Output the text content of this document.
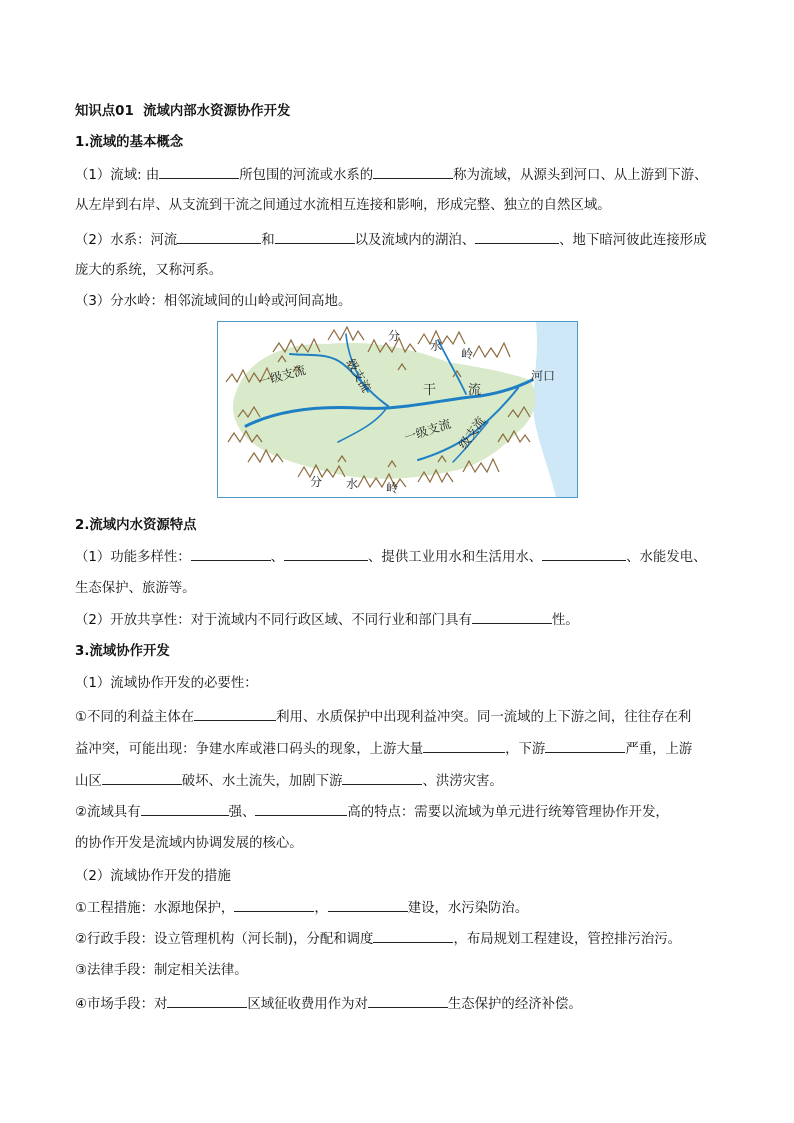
知识点01 流域内部水资源协作开发
1.流域的基本概念
（1）流域: 由	所包围的河流或水系的	称为流域，从源头到河口、从上游到下游、
从左岸到右岸、从支流到干流之间通过水流相互连接和影响，形成完整、独立的自然区域。
（2）水系：河流	和	以及流域内的湖泊、	、地下暗河彼此连接形成
庞大的系统，又称河系。
（3）分水岭：相邻流域间的山岭或河间高地。
分
水
岭
一级支流	级支流	干 流
河口
一级支流 级支流
分 水 岭
2.流域内水资源特点
（1）功能多样性：	、	、提供工业用水和生活用水、	、水能发电、
生态保护、旅游等。
（2）开放共享性：对于流域内不同行政区域、不同行业和部门具有	性。
3.流域协作开发
（1）流域协作开发的必要性：
①不同的利益主体在	利用、水质保护中出现利益冲突。同一流域的上下游之间，往往存在利
益冲突，可能出现：争建水库或港口码头的现象，上游大量	，下游	严重，上游
山区	破坏、水土流失，加剧下游	、洪涝灾害。
②流域具有	强、	高的特点：需要以流域为单元进行统筹管理协作开发，
的协作开发是流域内协调发展的核心。
（2）流域协作开发的措施
①工程措施：水源地保护，	，	建设，水污染防治。
②行政手段：设立管理机构（河长制)，分配和调度	，布局规划工程建设，管控排污治污。
③法律手段：制定相关法律。
④市场手段：对	区域征收费用作为对	生态保护的经济补偿。
